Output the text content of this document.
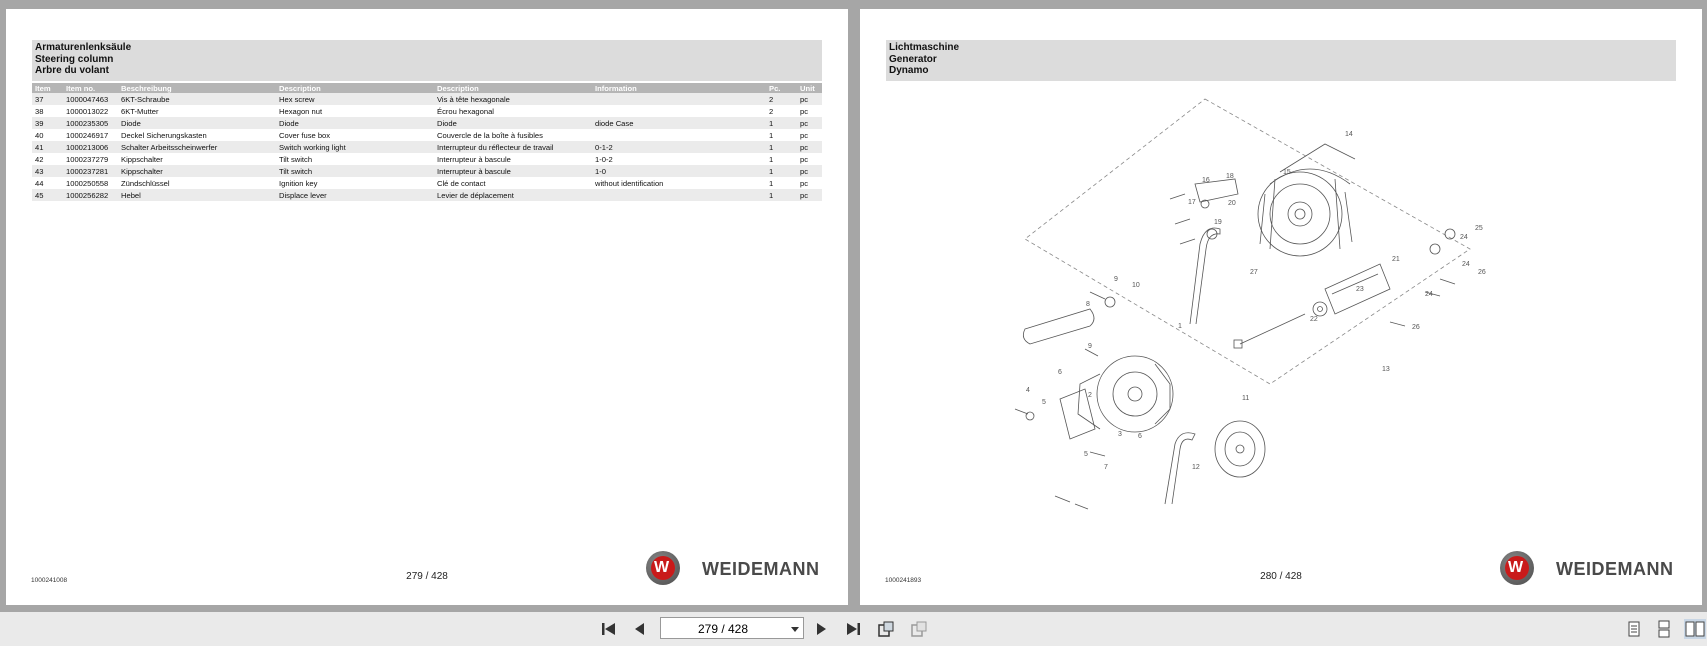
Armaturenlenksäule
Steering column
Arbre du volant
Item	Item no.	Beschreibung	Description	Description	Information	Pc.	Unit
37	1000047463	6KT-Schraube	Hex screw	Vis à tête hexagonale		2	pc
38	1000013022	6KT-Mutter	Hexagon nut	Écrou hexagonal		2	pc
39	1000235305	Diode	Diode	Diode	diode Case	1	pc
40	1000246917	Deckel Sicherungskasten	Cover fuse box	Couvercle de la boîte à fusibles		1	pc
41	1000213006	Schalter Arbeitsscheinwerfer	Switch working light	Interrupteur du réflecteur de travail	0-1-2	1	pc
42	1000237279	Kippschalter	Tilt switch	Interrupteur à bascule	1-0-2	1	pc
43	1000237281	Kippschalter	Tilt switch	Interrupteur à bascule	1-0	1	pc
44	1000250558	Zündschlüssel	Ignition key	Clé de contact	without identification	1	pc
45	1000256282	Hebel	Displace lever	Levier de déplacement		1	pc
1000241008	279 / 428 W	WEIDEMANN
Lichtmaschine
Generator
Dynamo
14
15
16
18
17	20
19
25
24
27
21
24
26
9
10
23
24
8
22
26
1
9
13
6
4
5
2
3 6
11
5
7	12
1000241893	280 / 428 W	WEIDEMANN
279 / 428
